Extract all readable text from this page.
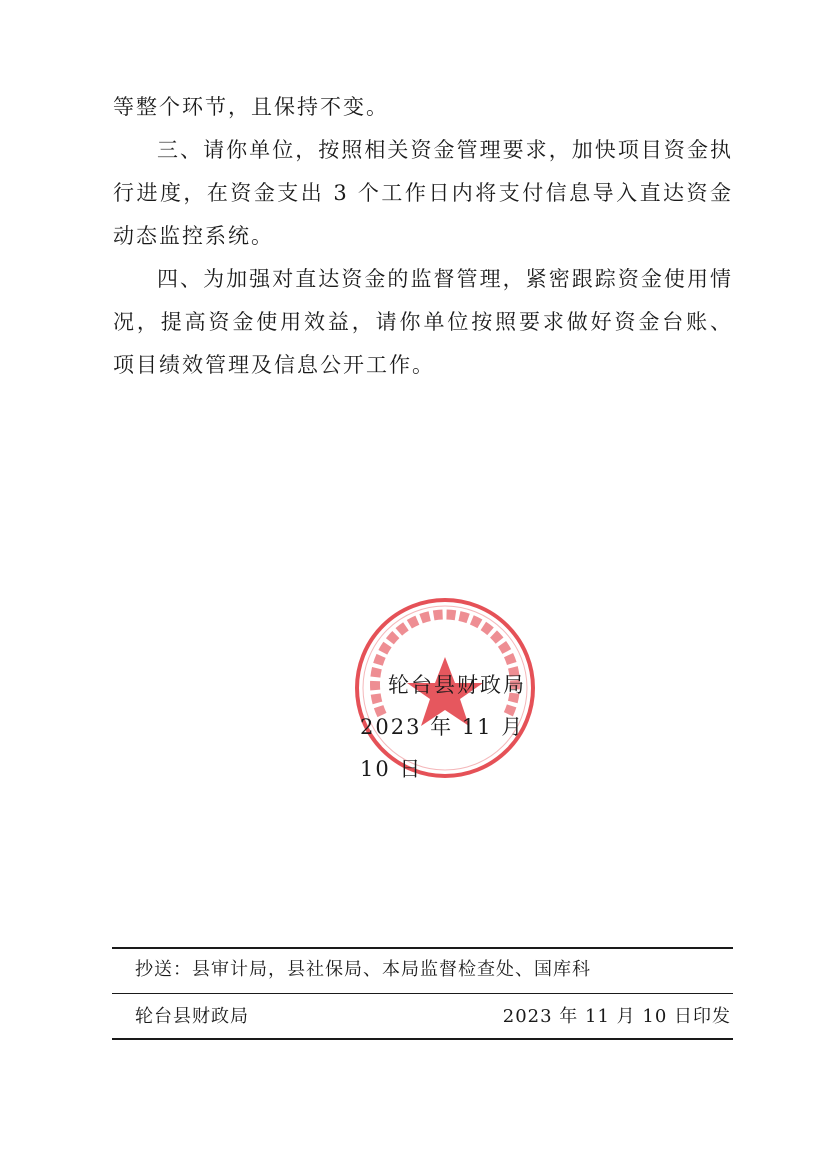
等整个环节，且保持不变。

三、请你单位，按照相关资金管理要求，加快项目资金执行进度，在资金支出 3 个工作日内将支付信息导入直达资金动态监控系统。

四、为加强对直达资金的监督管理，紧密跟踪资金使用情况，提高资金使用效益，请你单位按照要求做好资金台账、项目绩效管理及信息公开工作。

轮台县财政局
2023 年 11 月 10 日
抄送：县审计局，县社保局、本局监督检查处、国库科
轮台县财政局	2023 年 11 月 10 日印发
